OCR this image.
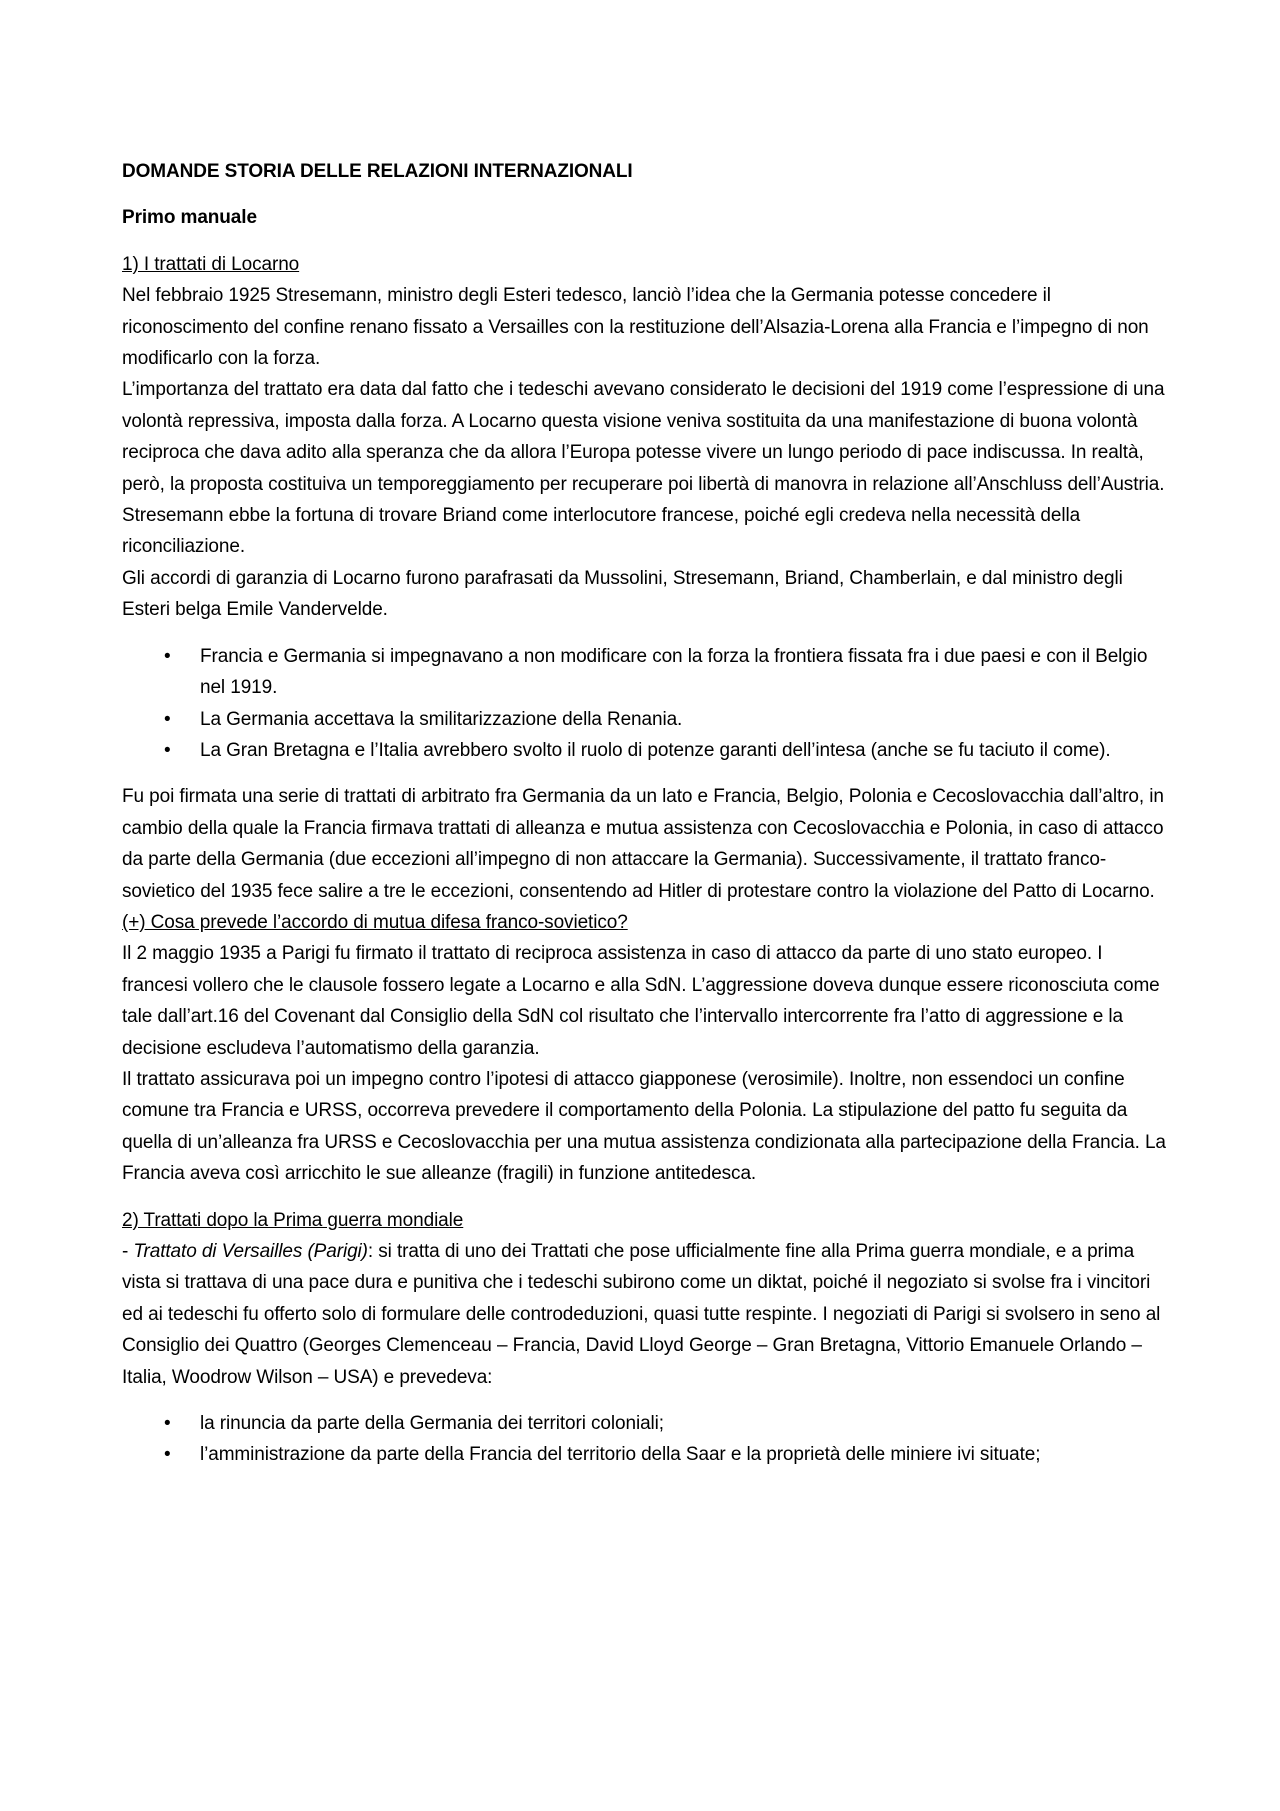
DOMANDE STORIA DELLE RELAZIONI INTERNAZIONALI

Primo manuale

1) I trattati di Locarno

Nel febbraio 1925 Stresemann, ministro degli Esteri tedesco, lanciò l’idea che la Germania potesse concedere il riconoscimento del confine renano fissato a Versailles con la restituzione dell’Alsazia-Lorena alla Francia e l’impegno di non modificarlo con la forza.

L’importanza del trattato era data dal fatto che i tedeschi avevano considerato le decisioni del 1919 come l’espressione di una volontà repressiva, imposta dalla forza. A Locarno questa visione veniva sostituita da una manifestazione di buona volontà reciproca che dava adito alla speranza che da allora l’Europa potesse vivere un lungo periodo di pace indiscussa. In realtà, però, la proposta costituiva un temporeggiamento per recuperare poi libertà di manovra in relazione all’Anschluss dell’Austria.

Stresemann ebbe la fortuna di trovare Briand come interlocutore francese, poiché egli credeva nella necessità della riconciliazione.

Gli accordi di garanzia di Locarno furono parafrasati da Mussolini, Stresemann, Briand, Chamberlain, e dal ministro degli Esteri belga Emile Vandervelde.

• Francia e Germania si impegnavano a non modificare con la forza la frontiera fissata fra i due paesi e con il Belgio nel 1919.
• La Germania accettava la smilitarizzazione della Renania.
• La Gran Bretagna e l’Italia avrebbero svolto il ruolo di potenze garanti dell’intesa (anche se fu taciuto il come).

Fu poi firmata una serie di trattati di arbitrato fra Germania da un lato e Francia, Belgio, Polonia e Cecoslovacchia dall’altro, in cambio della quale la Francia firmava trattati di alleanza e mutua assistenza con Cecoslovacchia e Polonia, in caso di attacco da parte della Germania (due eccezioni all’impegno di non attaccare la Germania). Successivamente, il trattato franco- sovietico del 1935 fece salire a tre le eccezioni, consentendo ad Hitler di protestare contro la violazione del Patto di Locarno.

(+) Cosa prevede l’accordo di mutua difesa franco-sovietico?

Il 2 maggio 1935 a Parigi fu firmato il trattato di reciproca assistenza in caso di attacco da parte di uno stato europeo. I francesi vollero che le clausole fossero legate a Locarno e alla SdN. L’aggressione doveva dunque essere riconosciuta come tale dall’art.16 del Covenant dal Consiglio della SdN col risultato che l’intervallo intercorrente fra l’atto di aggressione e la decisione escludeva l’automatismo della garanzia.

Il trattato assicurava poi un impegno contro l’ipotesi di attacco giapponese (verosimile). Inoltre, non essendoci un confine comune tra Francia e URSS, occorreva prevedere il comportamento della Polonia. La stipulazione del patto fu seguita da quella di un’alleanza fra URSS e Cecoslovacchia per una mutua assistenza condizionata alla partecipazione della Francia. La Francia aveva così arricchito le sue alleanze (fragili) in funzione antitedesca.

2) Trattati dopo la Prima guerra mondiale

- Trattato di Versailles (Parigi): si tratta di uno dei Trattati che pose ufficialmente fine alla Prima guerra mondiale, e a prima vista si trattava di una pace dura e punitiva che i tedeschi subirono come un diktat, poiché il negoziato si svolse fra i vincitori ed ai tedeschi fu offerto solo di formulare delle controdeduzioni, quasi tutte respinte. I negoziati di Parigi si svolsero in seno al Consiglio dei Quattro (Georges Clemenceau – Francia, David Lloyd George – Gran Bretagna, Vittorio Emanuele Orlando – Italia, Woodrow Wilson – USA) e prevedeva:

• la rinuncia da parte della Germania dei territori coloniali;
• l’amministrazione da parte della Francia del territorio della Saar e la proprietà delle miniere ivi situate;
